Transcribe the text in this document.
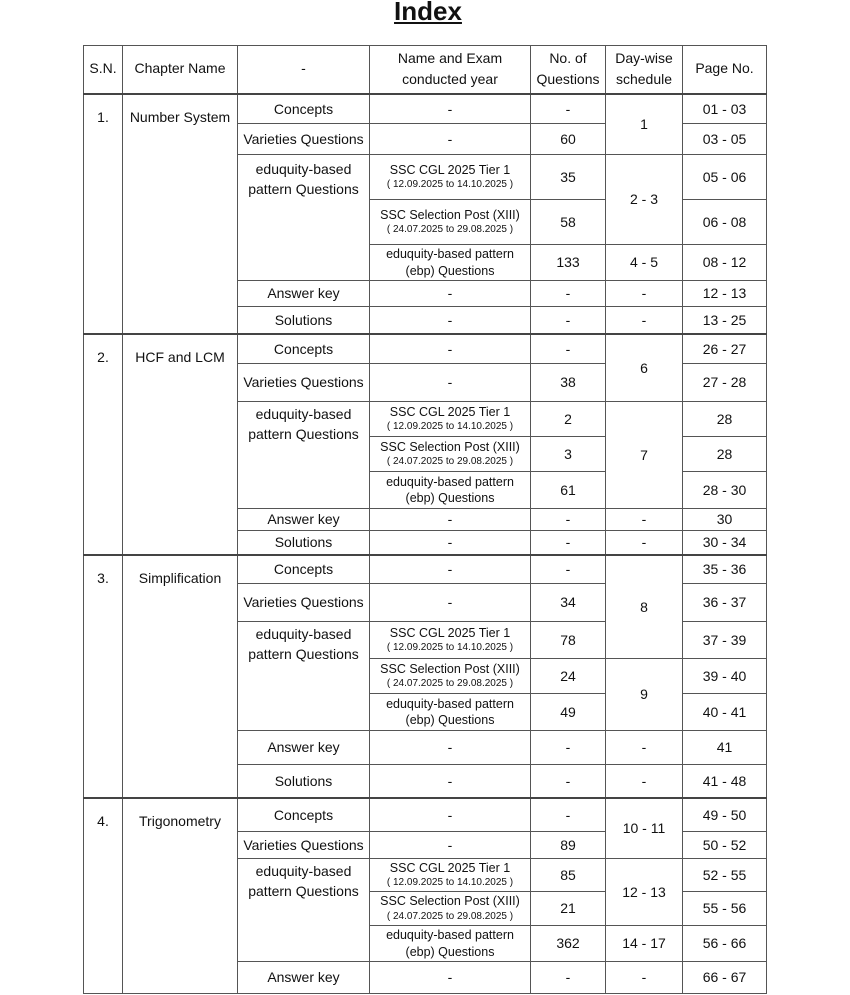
Index
S.N.	Chapter Name	-	Name and Exam conducted year	No. of Questions	Day-wise schedule	Page No.
1.	Number System	Concepts	-	-	1	01 - 03
		Varieties Questions	-	60		03 - 05
		eduquity-based pattern Questions	SSC CGL 2025 Tier 1
( 12.09.2025 to 14.10.2025 )	35	2 - 3	05 - 06
			SSC Selection Post (XIII)
( 24.07.2025 to 29.08.2025 )	58		06 - 08
			eduquity-based pattern (ebp) Questions	133	4 - 5	08 - 12
		Answer key	-	-	-	12 - 13
		Solutions	-	-	-	13 - 25
2.	HCF and LCM	Concepts	-	-	6	26 - 27
		Varieties Questions	-	38		27 - 28
		eduquity-based pattern Questions	SSC CGL 2025 Tier 1
( 12.09.2025 to 14.10.2025 )	2	7	28
			SSC Selection Post (XIII)
( 24.07.2025 to 29.08.2025 )	3		28
			eduquity-based pattern (ebp) Questions	61		28 - 30
		Answer key	-	-	-	30
		Solutions	-	-	-	30 - 34
3.	Simplification	Concepts	-	-	8	35 - 36
		Varieties Questions	-	34		36 - 37
		eduquity-based pattern Questions	SSC CGL 2025 Tier 1
( 12.09.2025 to 14.10.2025 )	78		37 - 39
			SSC Selection Post (XIII)
( 24.07.2025 to 29.08.2025 )	24	9	39 - 40
			eduquity-based pattern (ebp) Questions	49		40 - 41
		Answer key	-	-	-	41
		Solutions	-	-	-	41 - 48
4.	Trigonometry	Concepts	-	-	10 - 11	49 - 50
		Varieties Questions	-	89		50 - 52
		eduquity-based pattern Questions	SSC CGL 2025 Tier 1
( 12.09.2025 to 14.10.2025 )	85	12 - 13	52 - 55
			SSC Selection Post (XIII)
( 24.07.2025 to 29.08.2025 )	21		55 - 56
			eduquity-based pattern (ebp) Questions	362	14 - 17	56 - 66
		Answer key	-	-	-	66 - 67
